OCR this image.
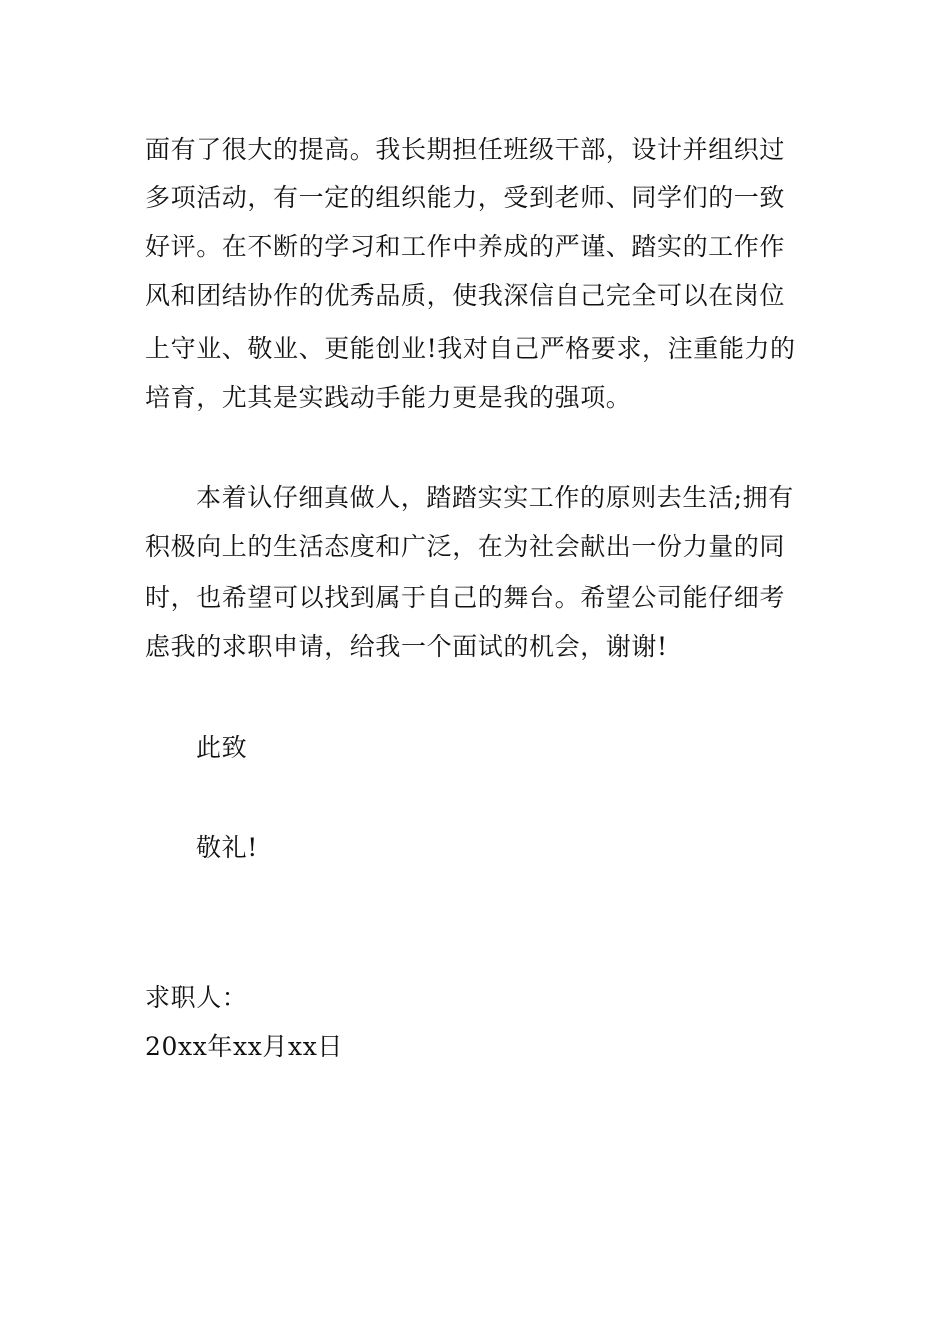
面有了很大的提高。我长期担任班级干部，设计并组织过
多项活动，有一定的组织能力，受到老师、同学们的一致
好评。在不断的学习和工作中养成的严谨、踏实的工作作
风和团结协作的优秀品质，使我深信自己完全可以在岗位
上守业、敬业、更能创业!我对自己严格要求，注重能力的
培育，尤其是实践动手能力更是我的强项。
本着认仔细真做人，踏踏实实工作的原则去生活;拥有
积极向上的生活态度和广泛，在为社会献出一份力量的同
时，也希望可以找到属于自己的舞台。希望公司能仔细考
虑我的求职申请，给我一个面试的机会，谢谢!
此致
敬礼!
求职人：
20xx年xx月xx日
